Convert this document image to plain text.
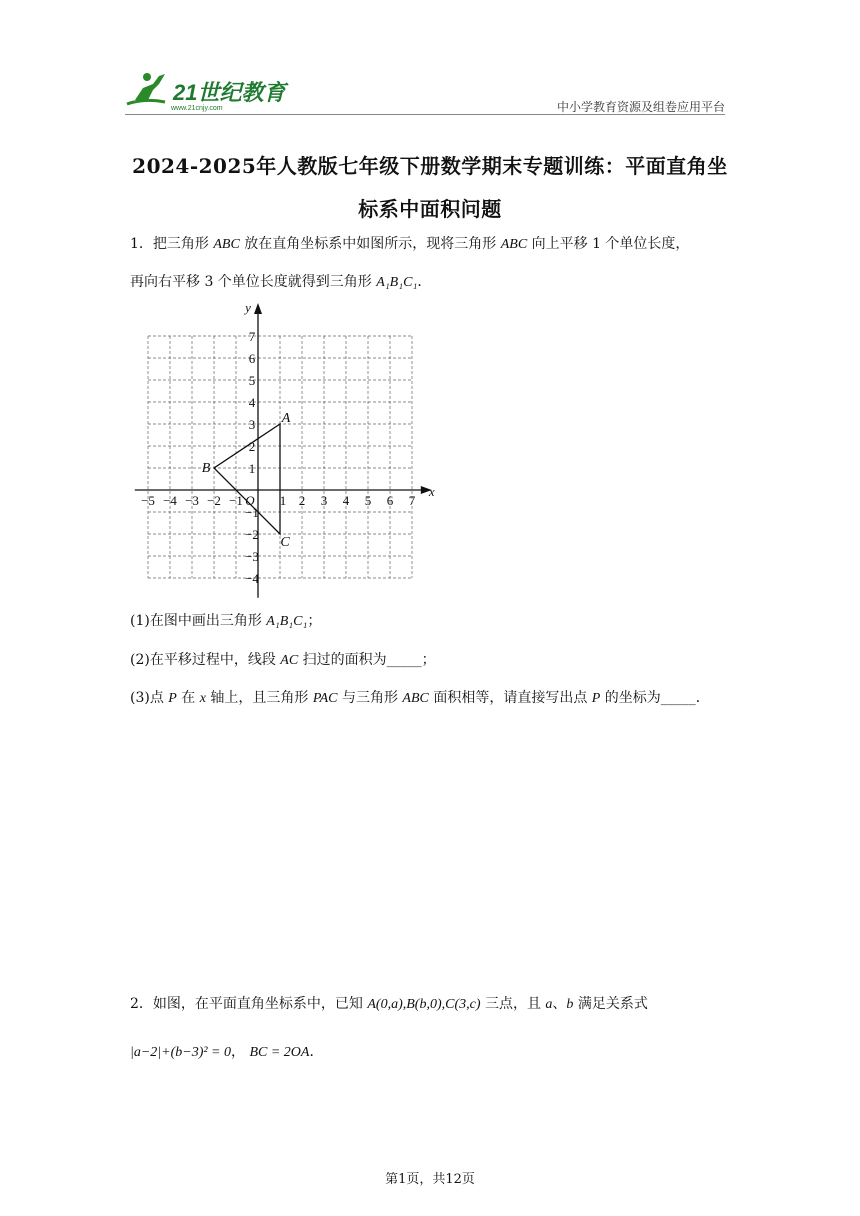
21世纪教育
www.21cnjy.com	中小学教育资源及组卷应用平台
2024-2025年人教版七年级下册数学期末专题训练：平面直角坐
标系中面积问题
1．把三角形 ABC 放在直角坐标系中如图所示，现将三角形 ABC 向上平移 1 个单位长度，
再向右平移 3 个单位长度就得到三角形 A₁B₁C₁．
x
y
O
−5 −4 −3 −2 −1	1 2 3 4 5 6 7
7
6
5
4
3
2
1
−1
−2
−3
−4
A
B
C
(1)在图中画出三角形 A₁B₁C₁；
(2)在平移过程中，线段 AC 扫过的面积为_____；
(3)点 P 在 x 轴上，且三角形 PAC 与三角形 ABC 面积相等，请直接写出点 P 的坐标为_____．
2．如图，在平面直角坐标系中，已知 A(0,a),B(b,0),C(3,c) 三点，且 a、b 满足关系式
|a−2|+(b−3)² = 0， BC = 2OA．
第1页，共12页
